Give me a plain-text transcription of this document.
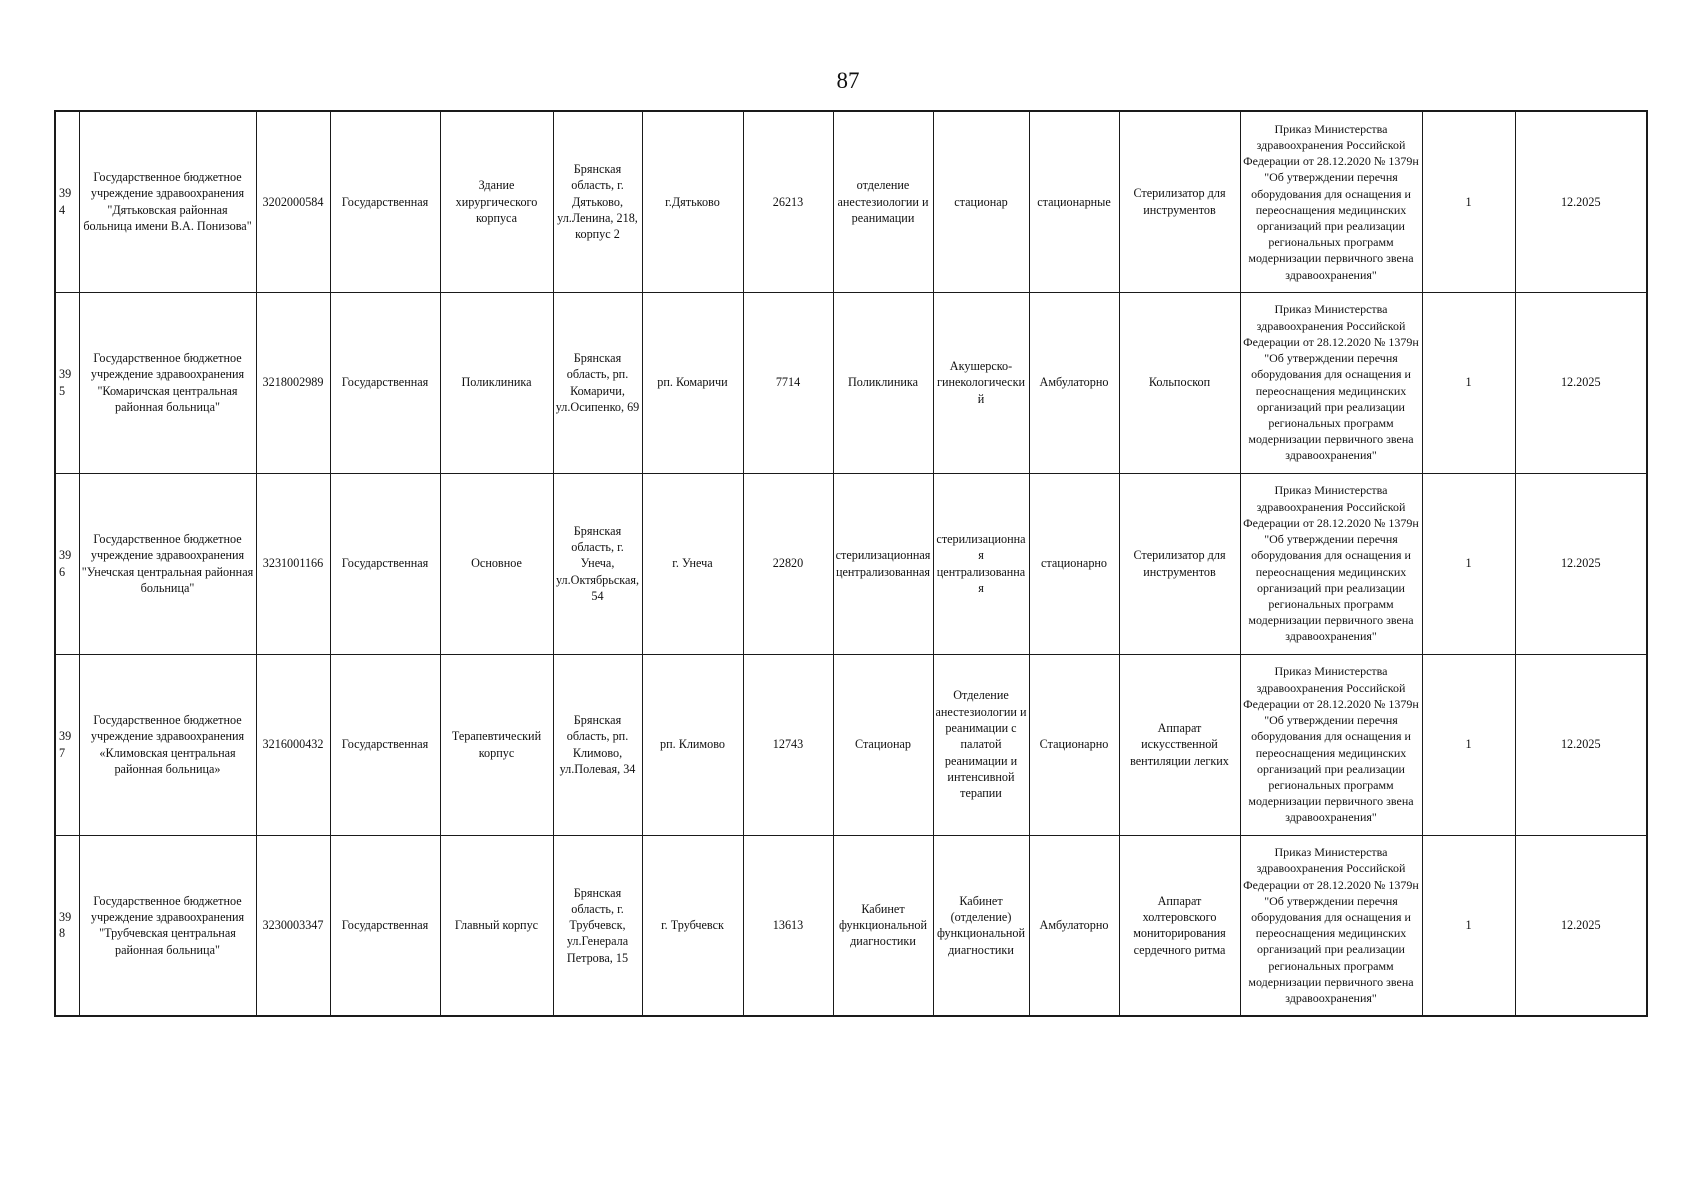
87
394	Государственное бюджетное учреждение здравоохранения "Дятьковская районная больница имени В.А. Понизова"	3202000584	Государственная	Здание хирургического корпуса	Брянская область, г. Дятьково, ул.Ленина, 218, корпус 2	г.Дятьково	26213	отделение анестезиологии и реанимации	стационар	стационарные	Стерилизатор для инструментов	Приказ Министерства здравоохранения Российской Федерации от 28.12.2020 № 1379н "Об утверждении перечня оборудования для оснащения и переоснащения медицинских организаций при реализации региональных программ модернизации первичного звена здравоохранения"	1	12.2025
395	Государственное бюджетное учреждение здравоохранения "Комаричская центральная районная больница"	3218002989	Государственная	Поликлиника	Брянская область, рп. Комаричи, ул.Осипенко, 69	рп. Комаричи	7714	Поликлиника	Акушерско-гинекологический	Амбулаторно	Кольпоскоп	Приказ Министерства здравоохранения Российской Федерации от 28.12.2020 № 1379н "Об утверждении перечня оборудования для оснащения и переоснащения медицинских организаций при реализации региональных программ модернизации первичного звена здравоохранения"	1	12.2025
396	Государственное бюджетное учреждение здравоохранения "Унечская центральная районная больница"	3231001166	Государственная	Основное	Брянская область, г. Унеча, ул.Октябрьская, 54	г. Унеча	22820	стерилизационная централизованная	стерилизационная централизованная	стационарно	Стерилизатор для инструментов	Приказ Министерства здравоохранения Российской Федерации от 28.12.2020 № 1379н "Об утверждении перечня оборудования для оснащения и переоснащения медицинских организаций при реализации региональных программ модернизации первичного звена здравоохранения"	1	12.2025
397	Государственное бюджетное учреждение здравоохранения «Климовская центральная районная больница»	3216000432	Государственная	Терапевтический корпус	Брянская область, рп. Климово, ул.Полевая, 34	рп. Климово	12743	Стационар	Отделение анестезиологии и реанимации с палатой реанимации и интенсивной терапии	Стационарно	Аппарат искусственной вентиляции легких	Приказ Министерства здравоохранения Российской Федерации от 28.12.2020 № 1379н "Об утверждении перечня оборудования для оснащения и переоснащения медицинских организаций при реализации региональных программ модернизации первичного звена здравоохранения"	1	12.2025
398	Государственное бюджетное учреждение здравоохранения "Трубчевская центральная районная больница"	3230003347	Государственная	Главный корпус	Брянская область, г. Трубчевск, ул.Генерала Петрова, 15	г. Трубчевск	13613	Кабинет функциональной диагностики	Кабинет (отделение) функциональной диагностики	Амбулаторно	Аппарат холтеровского мониторирования сердечного ритма	Приказ Министерства здравоохранения Российской Федерации от 28.12.2020 № 1379н "Об утверждении перечня оборудования для оснащения и переоснащения медицинских организаций при реализации региональных программ модернизации первичного звена здравоохранения"	1	12.2025
